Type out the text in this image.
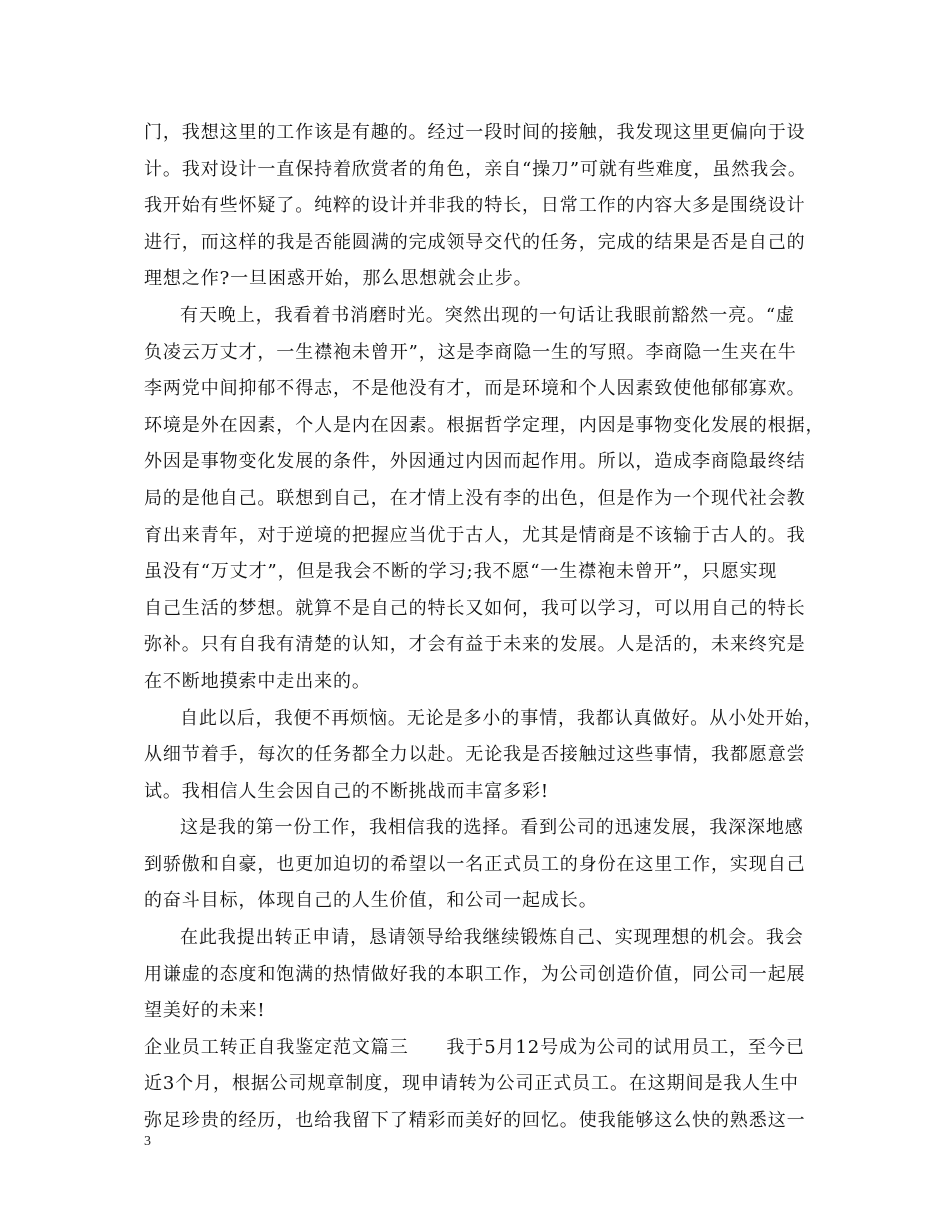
门，我想这里的工作该是有趣的。经过一段时间的接触，我发现这里更偏向于设
计。我对设计一直保持着欣赏者的角色，亲自“操刀”可就有些难度，虽然我会。
我开始有些怀疑了。纯粹的设计并非我的特长，日常工作的内容大多是围绕设计
进行，而这样的我是否能圆满的完成领导交代的任务，完成的结果是否是自己的
理想之作?一旦困惑开始，那么思想就会止步。
有天晚上，我看着书消磨时光。突然出现的一句话让我眼前豁然一亮。“虚
负凌云万丈才，一生襟袍未曾开”，这是李商隐一生的写照。李商隐一生夹在牛
李两党中间抑郁不得志，不是他没有才，而是环境和个人因素致使他郁郁寡欢。
环境是外在因素，个人是内在因素。根据哲学定理，内因是事物变化发展的根据，
外因是事物变化发展的条件，外因通过内因而起作用。所以，造成李商隐最终结
局的是他自己。联想到自己，在才情上没有李的出色，但是作为一个现代社会教
育出来青年，对于逆境的把握应当优于古人，尤其是情商是不该输于古人的。我
虽没有“万丈才”，但是我会不断的学习;我不愿“一生襟袍未曾开”，只愿实现
自己生活的梦想。就算不是自己的特长又如何，我可以学习，可以用自己的特长
弥补。只有自我有清楚的认知，才会有益于未来的发展。人是活的，未来终究是
在不断地摸索中走出来的。
自此以后，我便不再烦恼。无论是多小的事情，我都认真做好。从小处开始，
从细节着手，每次的任务都全力以赴。无论我是否接触过这些事情，我都愿意尝
试。我相信人生会因自己的不断挑战而丰富多彩!
这是我的第一份工作，我相信我的选择。看到公司的迅速发展，我深深地感
到骄傲和自豪，也更加迫切的希望以一名正式员工的身份在这里工作，实现自己
的奋斗目标，体现自己的人生价值，和公司一起成长。
在此我提出转正申请，恳请领导给我继续锻炼自己、实现理想的机会。我会
用谦虚的态度和饱满的热情做好我的本职工作，为公司创造价值，同公司一起展
望美好的未来!
企业员工转正自我鉴定范文篇三　　我于5月12号成为公司的试用员工，至今已
近3个月，根据公司规章制度，现申请转为公司正式员工。在这期间是我人生中
弥足珍贵的经历，也给我留下了精彩而美好的回忆。使我能够这么快的熟悉这一
3
